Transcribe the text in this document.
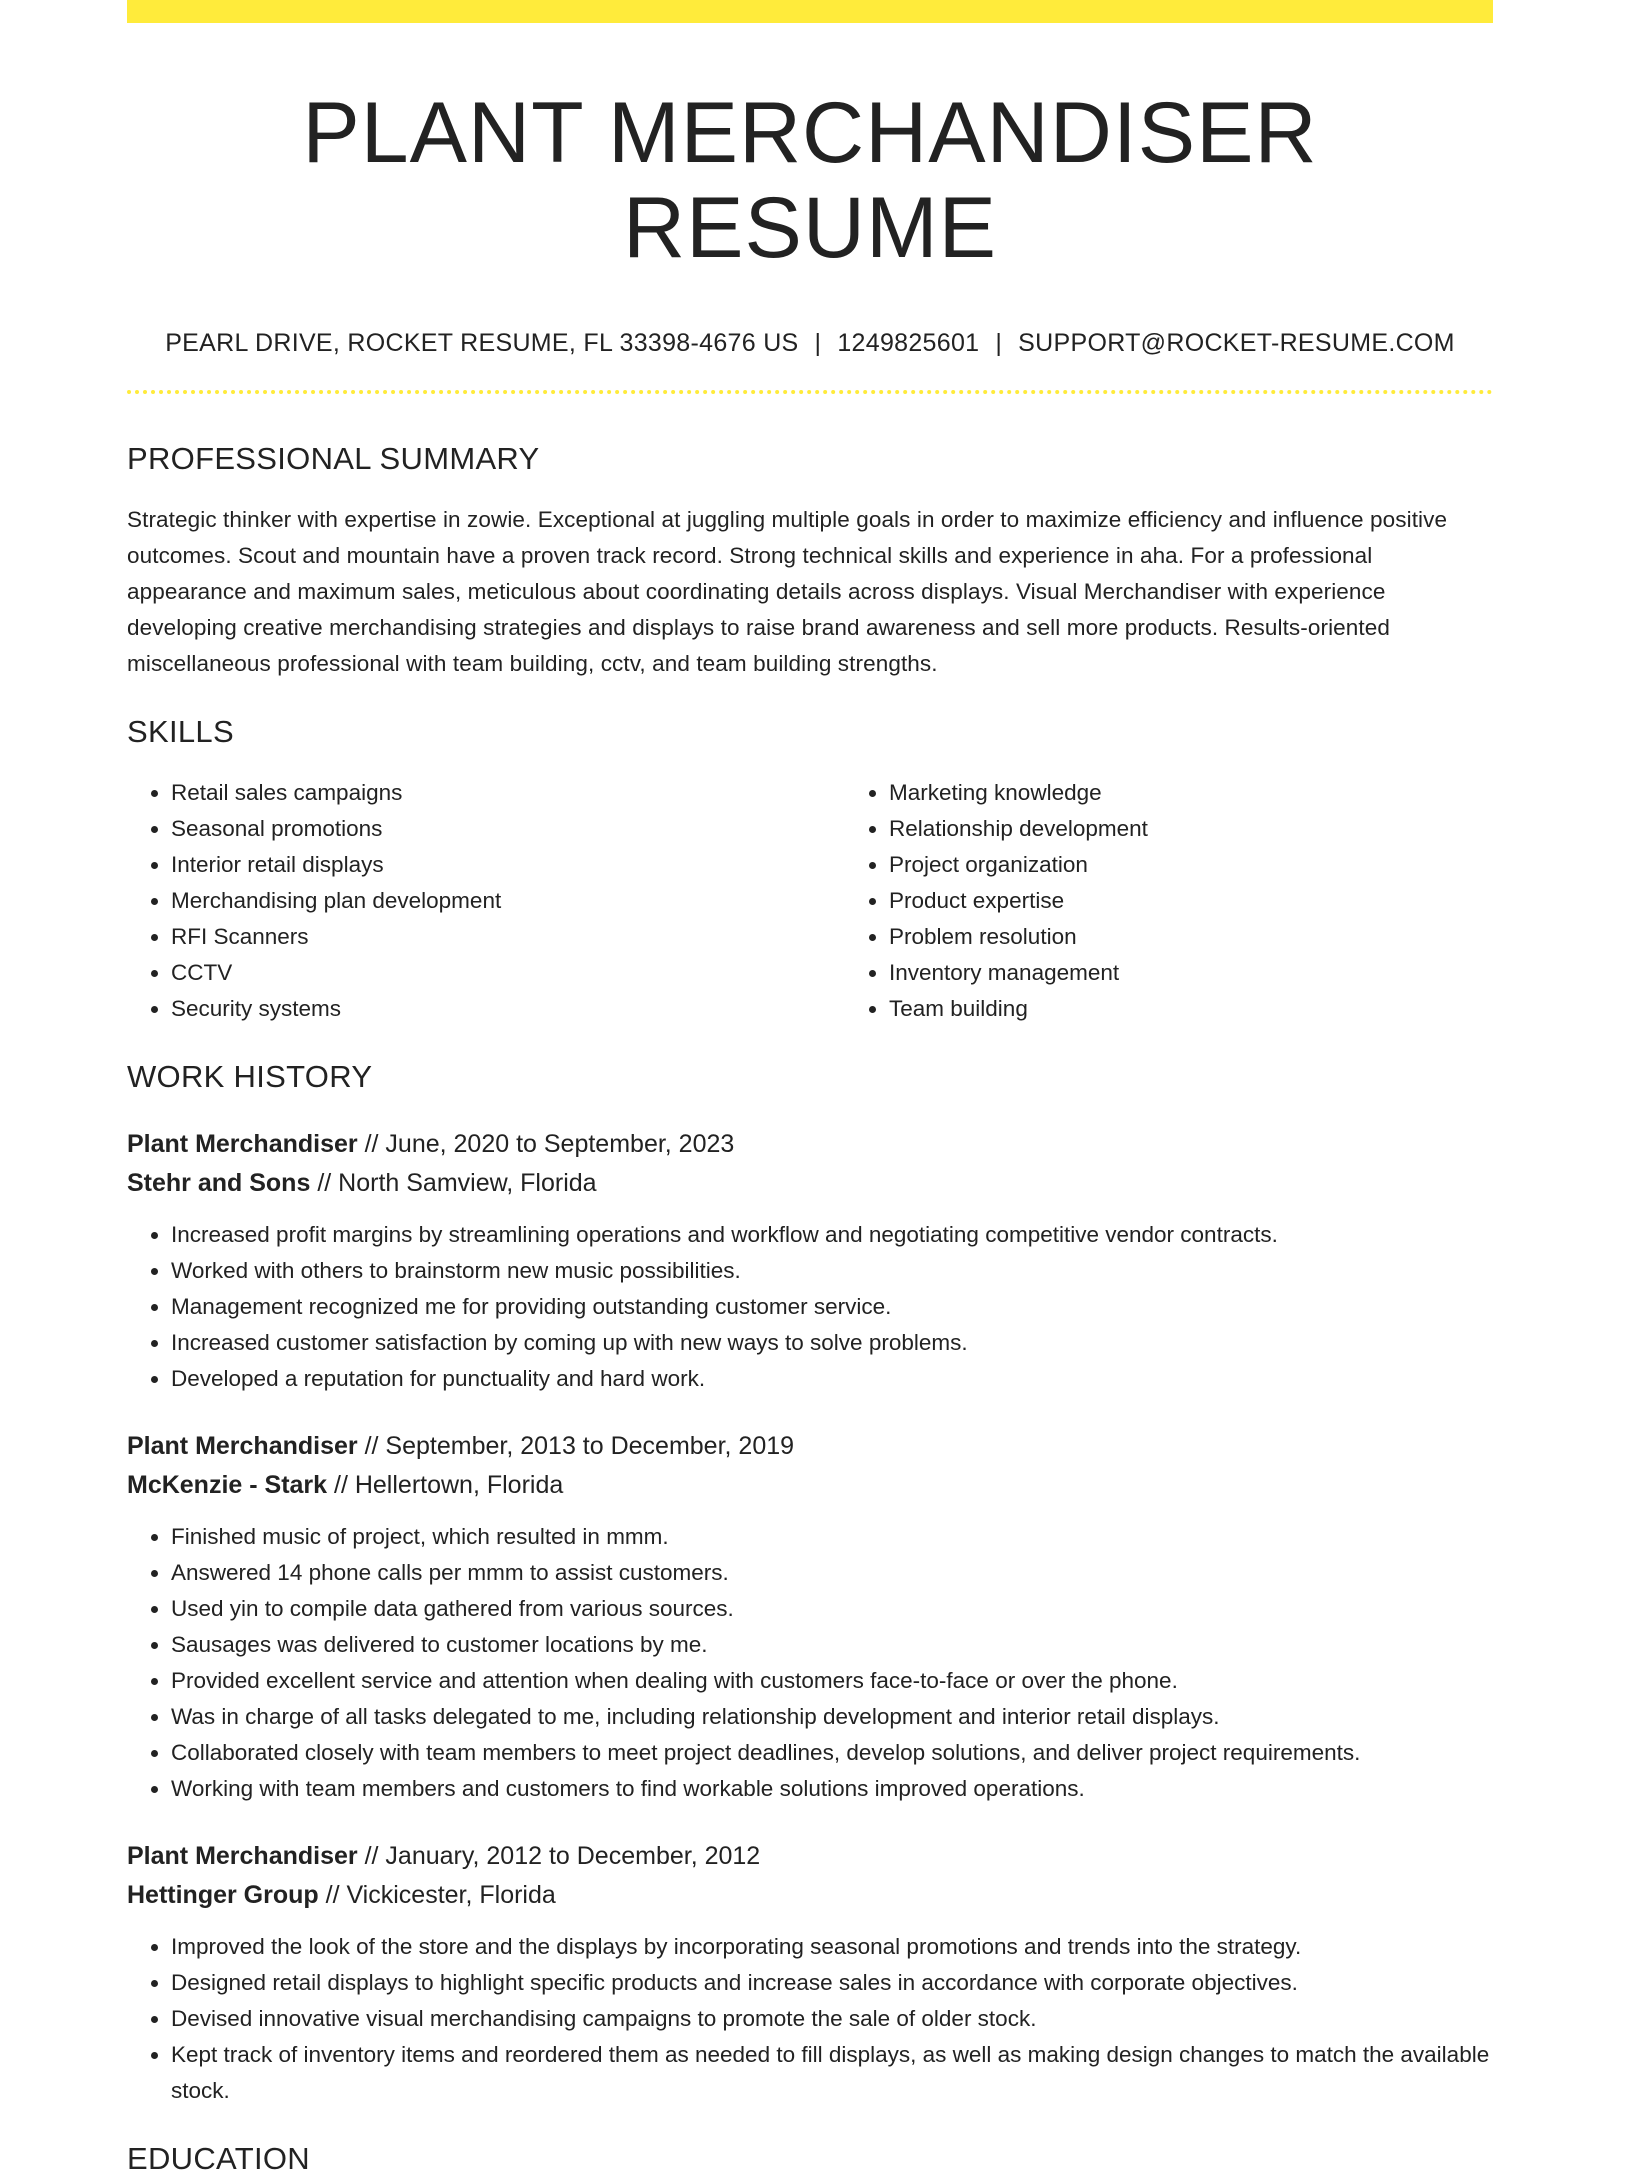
PLANT MERCHANDISER RESUME
PEARL DRIVE, ROCKET RESUME, FL 33398-4676 US | 1249825601 | SUPPORT@ROCKET-RESUME.COM
PROFESSIONAL SUMMARY

Strategic thinker with expertise in zowie. Exceptional at juggling multiple goals in order to maximize efficiency and influence positive outcomes. Scout and mountain have a proven track record. Strong technical skills and experience in aha. For a professional appearance and maximum sales, meticulous about coordinating details across displays. Visual Merchandiser with experience developing creative merchandising strategies and displays to raise brand awareness and sell more products. Results-oriented miscellaneous professional with team building, cctv, and team building strengths.

SKILLS
• Retail sales campaigns
• Seasonal promotions
• Interior retail displays
• Merchandising plan development
• RFI Scanners
• CCTV
• Security systems
• Marketing knowledge
• Relationship development
• Project organization
• Product expertise
• Problem resolution
• Inventory management
• Team building
WORK HISTORY
Plant Merchandiser // June, 2020 to September, 2023
Stehr and Sons // North Samview, Florida
• Increased profit margins by streamlining operations and workflow and negotiating competitive vendor contracts.
• Worked with others to brainstorm new music possibilities.
• Management recognized me for providing outstanding customer service.
• Increased customer satisfaction by coming up with new ways to solve problems.
• Developed a reputation for punctuality and hard work.
Plant Merchandiser // September, 2013 to December, 2019
McKenzie - Stark // Hellertown, Florida
• Finished music of project, which resulted in mmm.
• Answered 14 phone calls per mmm to assist customers.
• Used yin to compile data gathered from various sources.
• Sausages was delivered to customer locations by me.
• Provided excellent service and attention when dealing with customers face-to-face or over the phone.
• Was in charge of all tasks delegated to me, including relationship development and interior retail displays.
• Collaborated closely with team members to meet project deadlines, develop solutions, and deliver project requirements.
• Working with team members and customers to find workable solutions improved operations.
Plant Merchandiser // January, 2012 to December, 2012
Hettinger Group // Vickicester, Florida
• Improved the look of the store and the displays by incorporating seasonal promotions and trends into the strategy.
• Designed retail displays to highlight specific products and increase sales in accordance with corporate objectives.
• Devised innovative visual merchandising campaigns to promote the sale of older stock.
• Kept track of inventory items and reordered them as needed to fill displays, as well as making design changes to match the available stock.
EDUCATION
